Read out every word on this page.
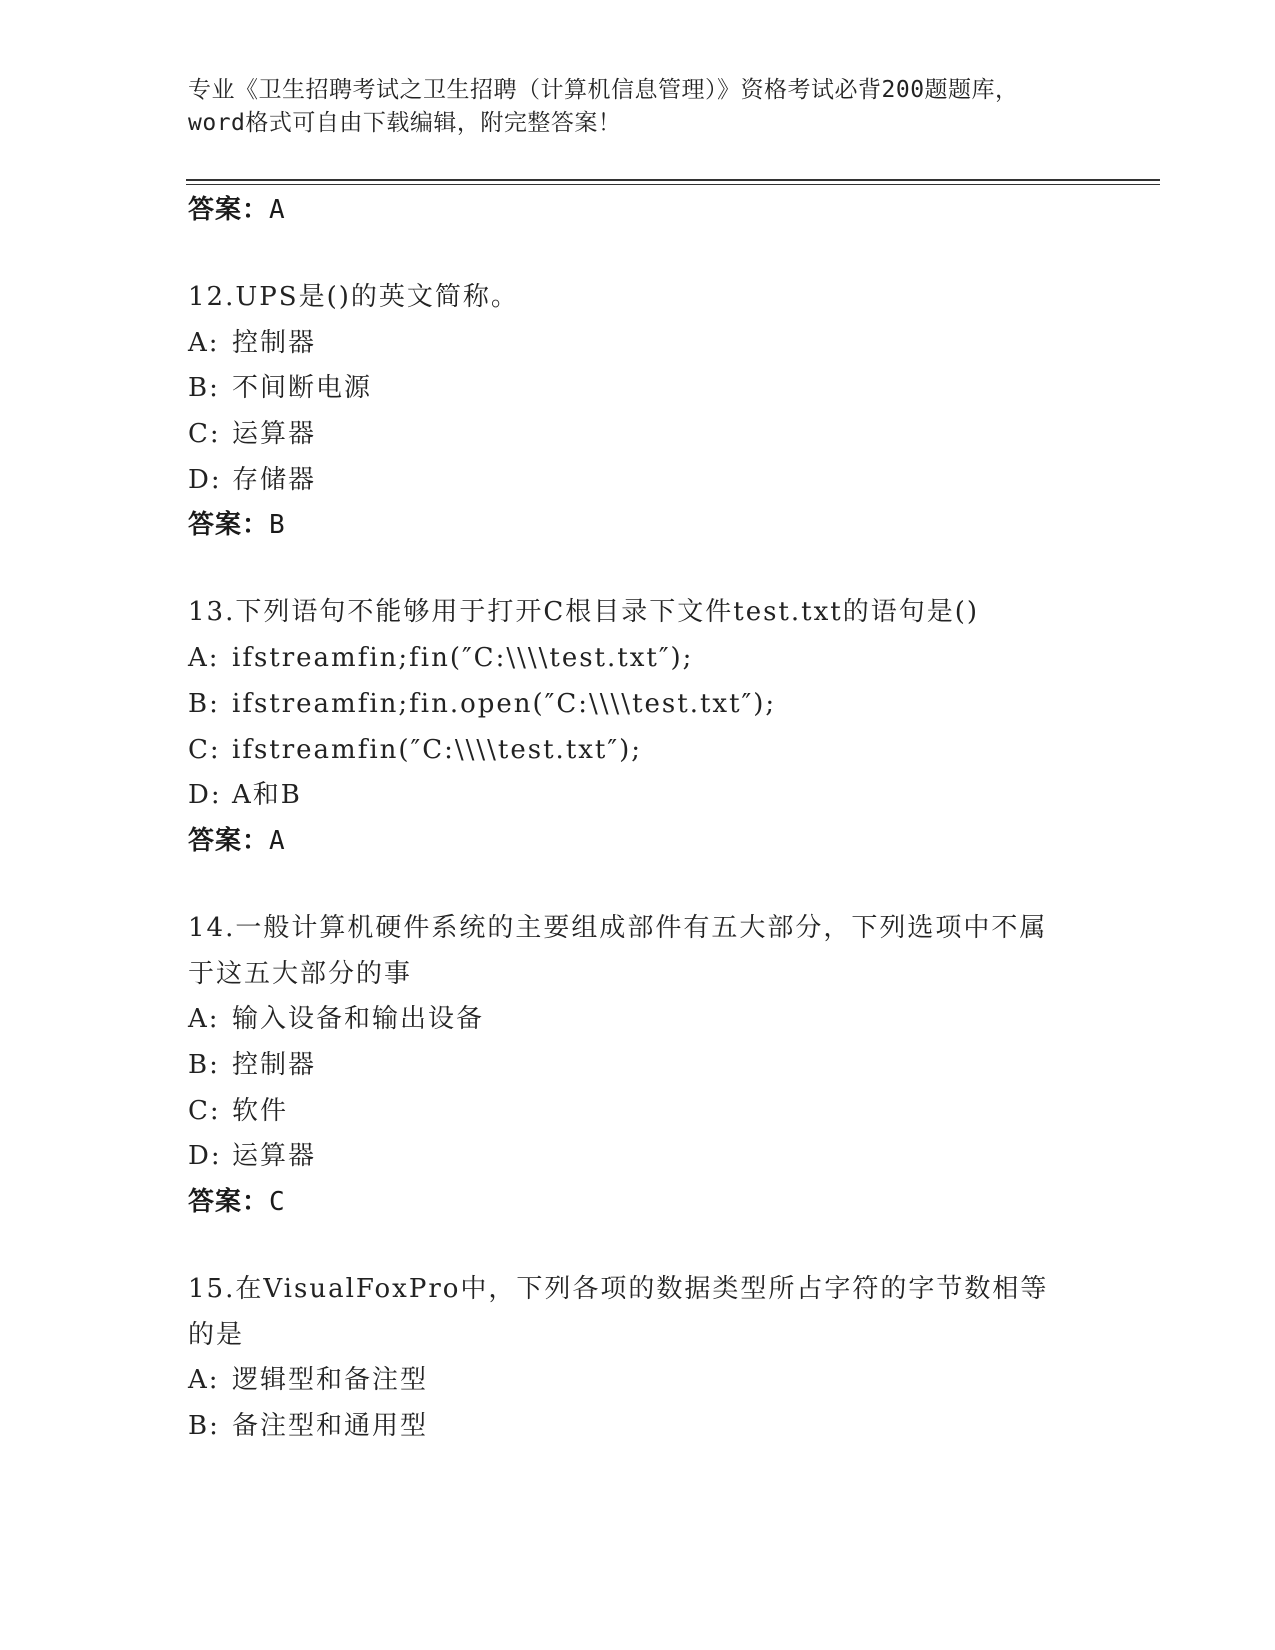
专业《卫生招聘考试之卫生招聘（计算机信息管理）》资格考试必背200题题库，
word格式可自由下载编辑，附完整答案！
答案：A
12.UPS是()的英文简称。
A: 控制器
B: 不间断电源
C: 运算器
D: 存储器
答案：B
13.下列语句不能够用于打开C根目录下文件test.txt的语句是()
A: ifstreamfin;fin(″C:\\\\test.txt″);
B: ifstreamfin;fin.open(″C:\\\\test.txt″);
C: ifstreamfin(″C:\\\\test.txt″);
D: A和B
答案：A
14.一般计算机硬件系统的主要组成部件有五大部分，下列选项中不属
于这五大部分的事
A: 输入设备和输出设备
B: 控制器
C: 软件
D: 运算器
答案：C
15.在VisualFoxPro中，下列各项的数据类型所占字符的字节数相等
的是
A: 逻辑型和备注型
B: 备注型和通用型
